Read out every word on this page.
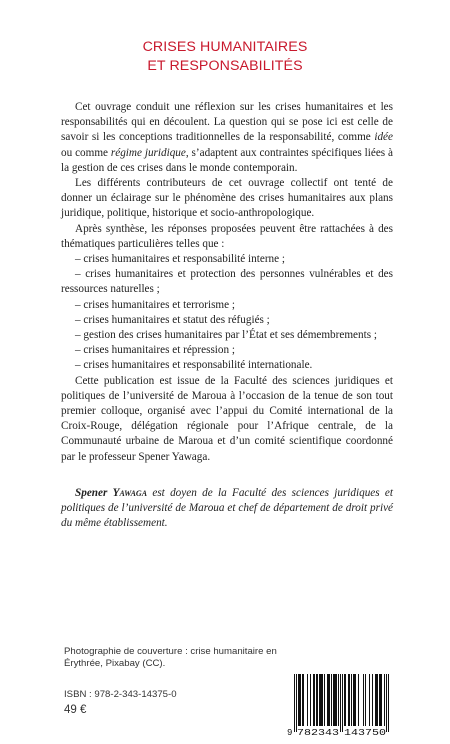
CRISES HUMANITAIRES
ET RESPONSABILITÉS

Cet ouvrage conduit une réflexion sur les crises humanitaires et les responsabilités qui en découlent. La question qui se pose ici est celle de savoir si les conceptions traditionnelles de la responsabilité, comme idée ou comme régime juridique, s’adaptent aux contraintes spécifiques liées à la gestion de ces crises dans le monde contemporain.

Les différents contributeurs de cet ouvrage collectif ont tenté de donner un éclairage sur le phénomène des crises humanitaires aux plans juridique, politique, historique et socio-anthropologique.

Après synthèse, les réponses proposées peuvent être rattachées à des thématiques particulières telles que :

– crises humanitaires et responsabilité interne ;

– crises humanitaires et protection des personnes vulnérables et des ressources naturelles ;

– crises humanitaires et terrorisme ;

– crises humanitaires et statut des réfugiés ;

– gestion des crises humanitaires par l’État et ses démembrements ;

– crises humanitaires et répression ;

– crises humanitaires et responsabilité internationale.

Cette publication est issue de la Faculté des sciences juridiques et politiques de l’université de Maroua à l’occasion de la tenue de son tout premier colloque, organisé avec l’appui du Comité international de la Croix-Rouge, délégation régionale pour l’Afrique centrale, de la Communauté urbaine de Maroua et d’un comité scientifique coordonné par le professeur Spener Yawaga.

Spener Yawaga est doyen de la Faculté des sciences juridiques et politiques de l’université de Maroua et chef de département de droit privé du même établissement.
Photographie de couverture : crise humanitaire en
Érythrée, Pixabay (CC).
ISBN : 978-2-343-14375-0
49 €
9 782343 143750
